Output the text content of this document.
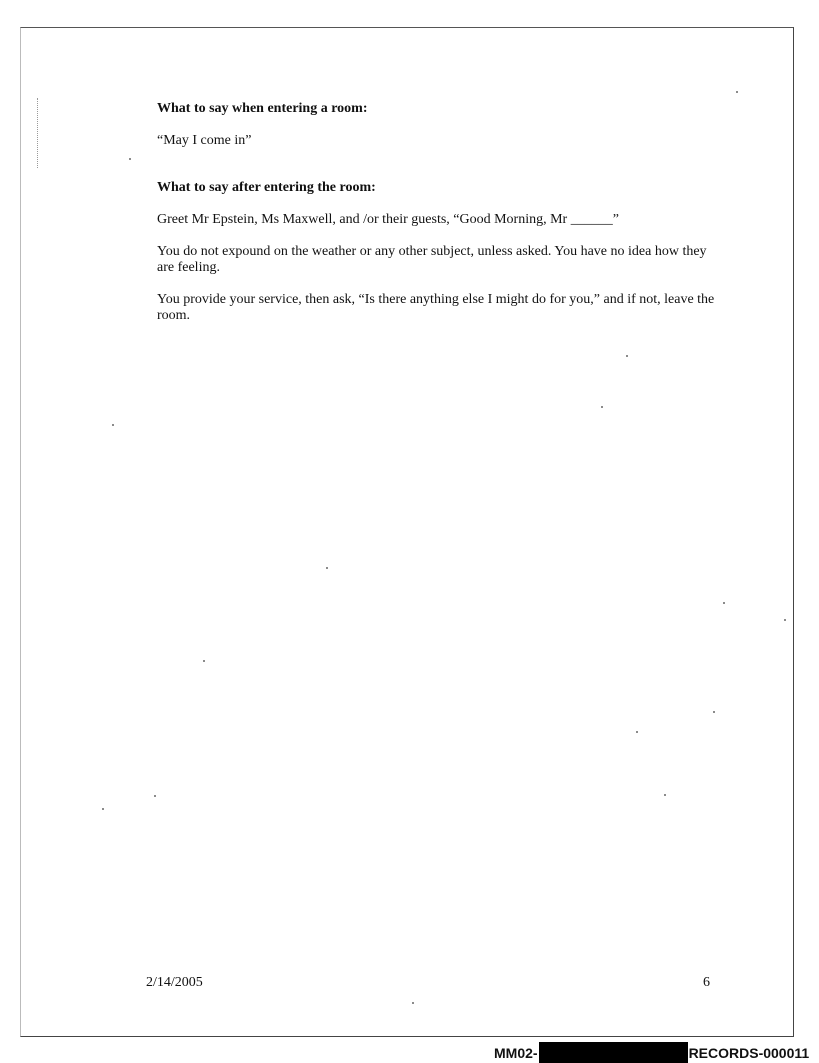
What to say when entering a room:

“May I come in”

What to say after entering the room:

Greet Mr Epstein, Ms Maxwell, and /or their guests, “Good Morning, Mr ______”

You do not expound on the weather or any other subject, unless asked. You have no idea how they are feeling.

You provide your service, then ask, “Is there anything else I might do for you,” and if not, leave the room.

2/14/2005	6
MM02-	RECORDS-000011
